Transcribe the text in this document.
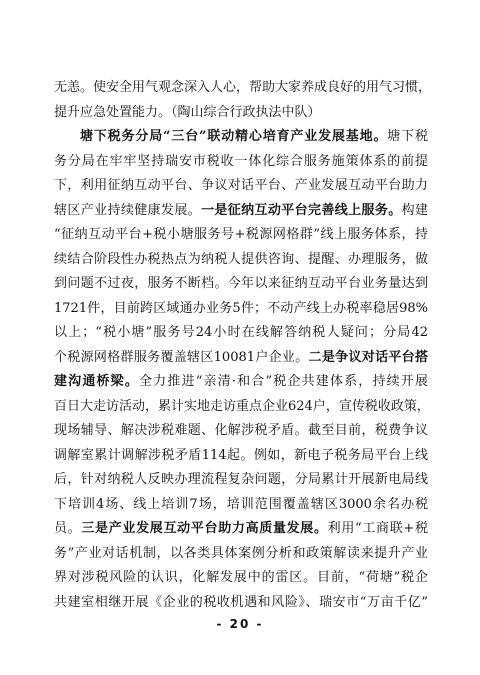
无恙。使安全用气观念深入人心，帮助大家养成良好的用气习惯，
提升应急处置能力。（陶山综合行政执法中队）
塘下税务分局“三台”联动精心培育产业发展基地。塘下税
务分局在牢牢坚持瑞安市税收一体化综合服务施策体系的前提
下，利用征纳互动平台、争议对话平台、产业发展互动平台助力
辖区产业持续健康发展。一是征纳互动平台完善线上服务。构建
“征纳互动平台+税小塘服务号+税源网格群”线上服务体系，持
续结合阶段性办税热点为纳税人提供咨询、提醒、办理服务，做
到问题不过夜，服务不断档。今年以来征纳互动平台业务量达到
1721件，目前跨区域通办业务5件；不动产线上办税率稳居98%
以上；“税小塘”服务号24小时在线解答纳税人疑问；分局42
个税源网格群服务覆盖辖区10081户企业。二是争议对话平台搭
建沟通桥梁。全力推进“亲清·和合”税企共建体系，持续开展
百日大走访活动，累计实地走访重点企业624户，宣传税收政策，
现场辅导、解决涉税难题、化解涉税矛盾。截至目前，税费争议
调解室累计调解涉税矛盾114起。例如，新电子税务局平台上线
后，针对纳税人反映办理流程复杂问题，分局累计开展新电局线
下培训4场、线上培训7场，培训范围覆盖辖区3000余名办税
员。三是产业发展互动平台助力高质量发展。利用“工商联+税
务”产业对话机制，以各类具体案例分析和政策解读来提升产业
界对涉税风险的认识，化解发展中的雷区。目前，“荷塘”税企
共建室相继开展《企业的税收机遇和风险》、瑞安市“万亩千亿”
- 20 -
